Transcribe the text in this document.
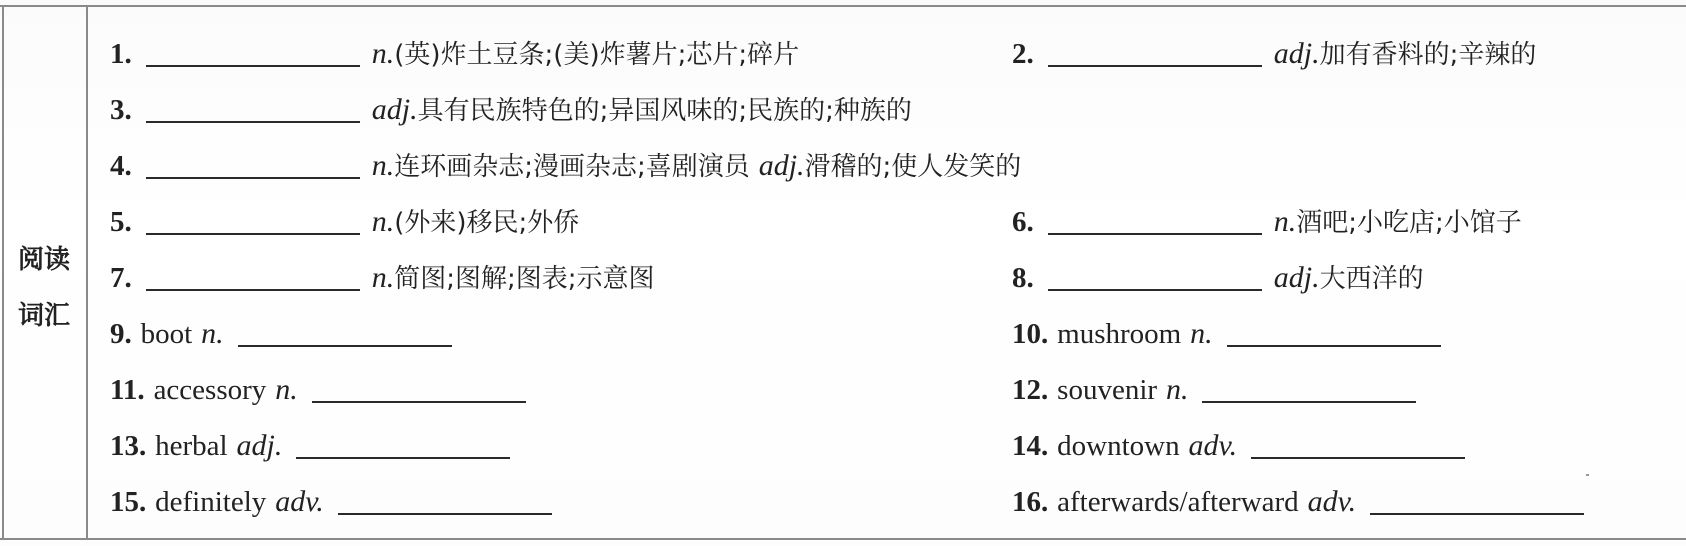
阅读
词汇
1.	n.(英)炸土豆条;(美)炸薯片;芯片;碎片	2.	adj.加有香料的;辛辣的
3.	adj.具有民族特色的;异国风味的;民族的;种族的
4.	n.连环画杂志;漫画杂志;喜剧演员 adj.滑稽的;使人发笑的
5.	n.(外来)移民;外侨	6.	n.酒吧;小吃店;小馆子
7.	n.简图;图解;图表;示意图	8.	adj.大西洋的
9. boot n.	10. mushroom n.
11. accessory n.	12. souvenir n.
13. herbal adj.	14. downtown adv.
15. definitely adv.	16. afterwards/afterward adv.
